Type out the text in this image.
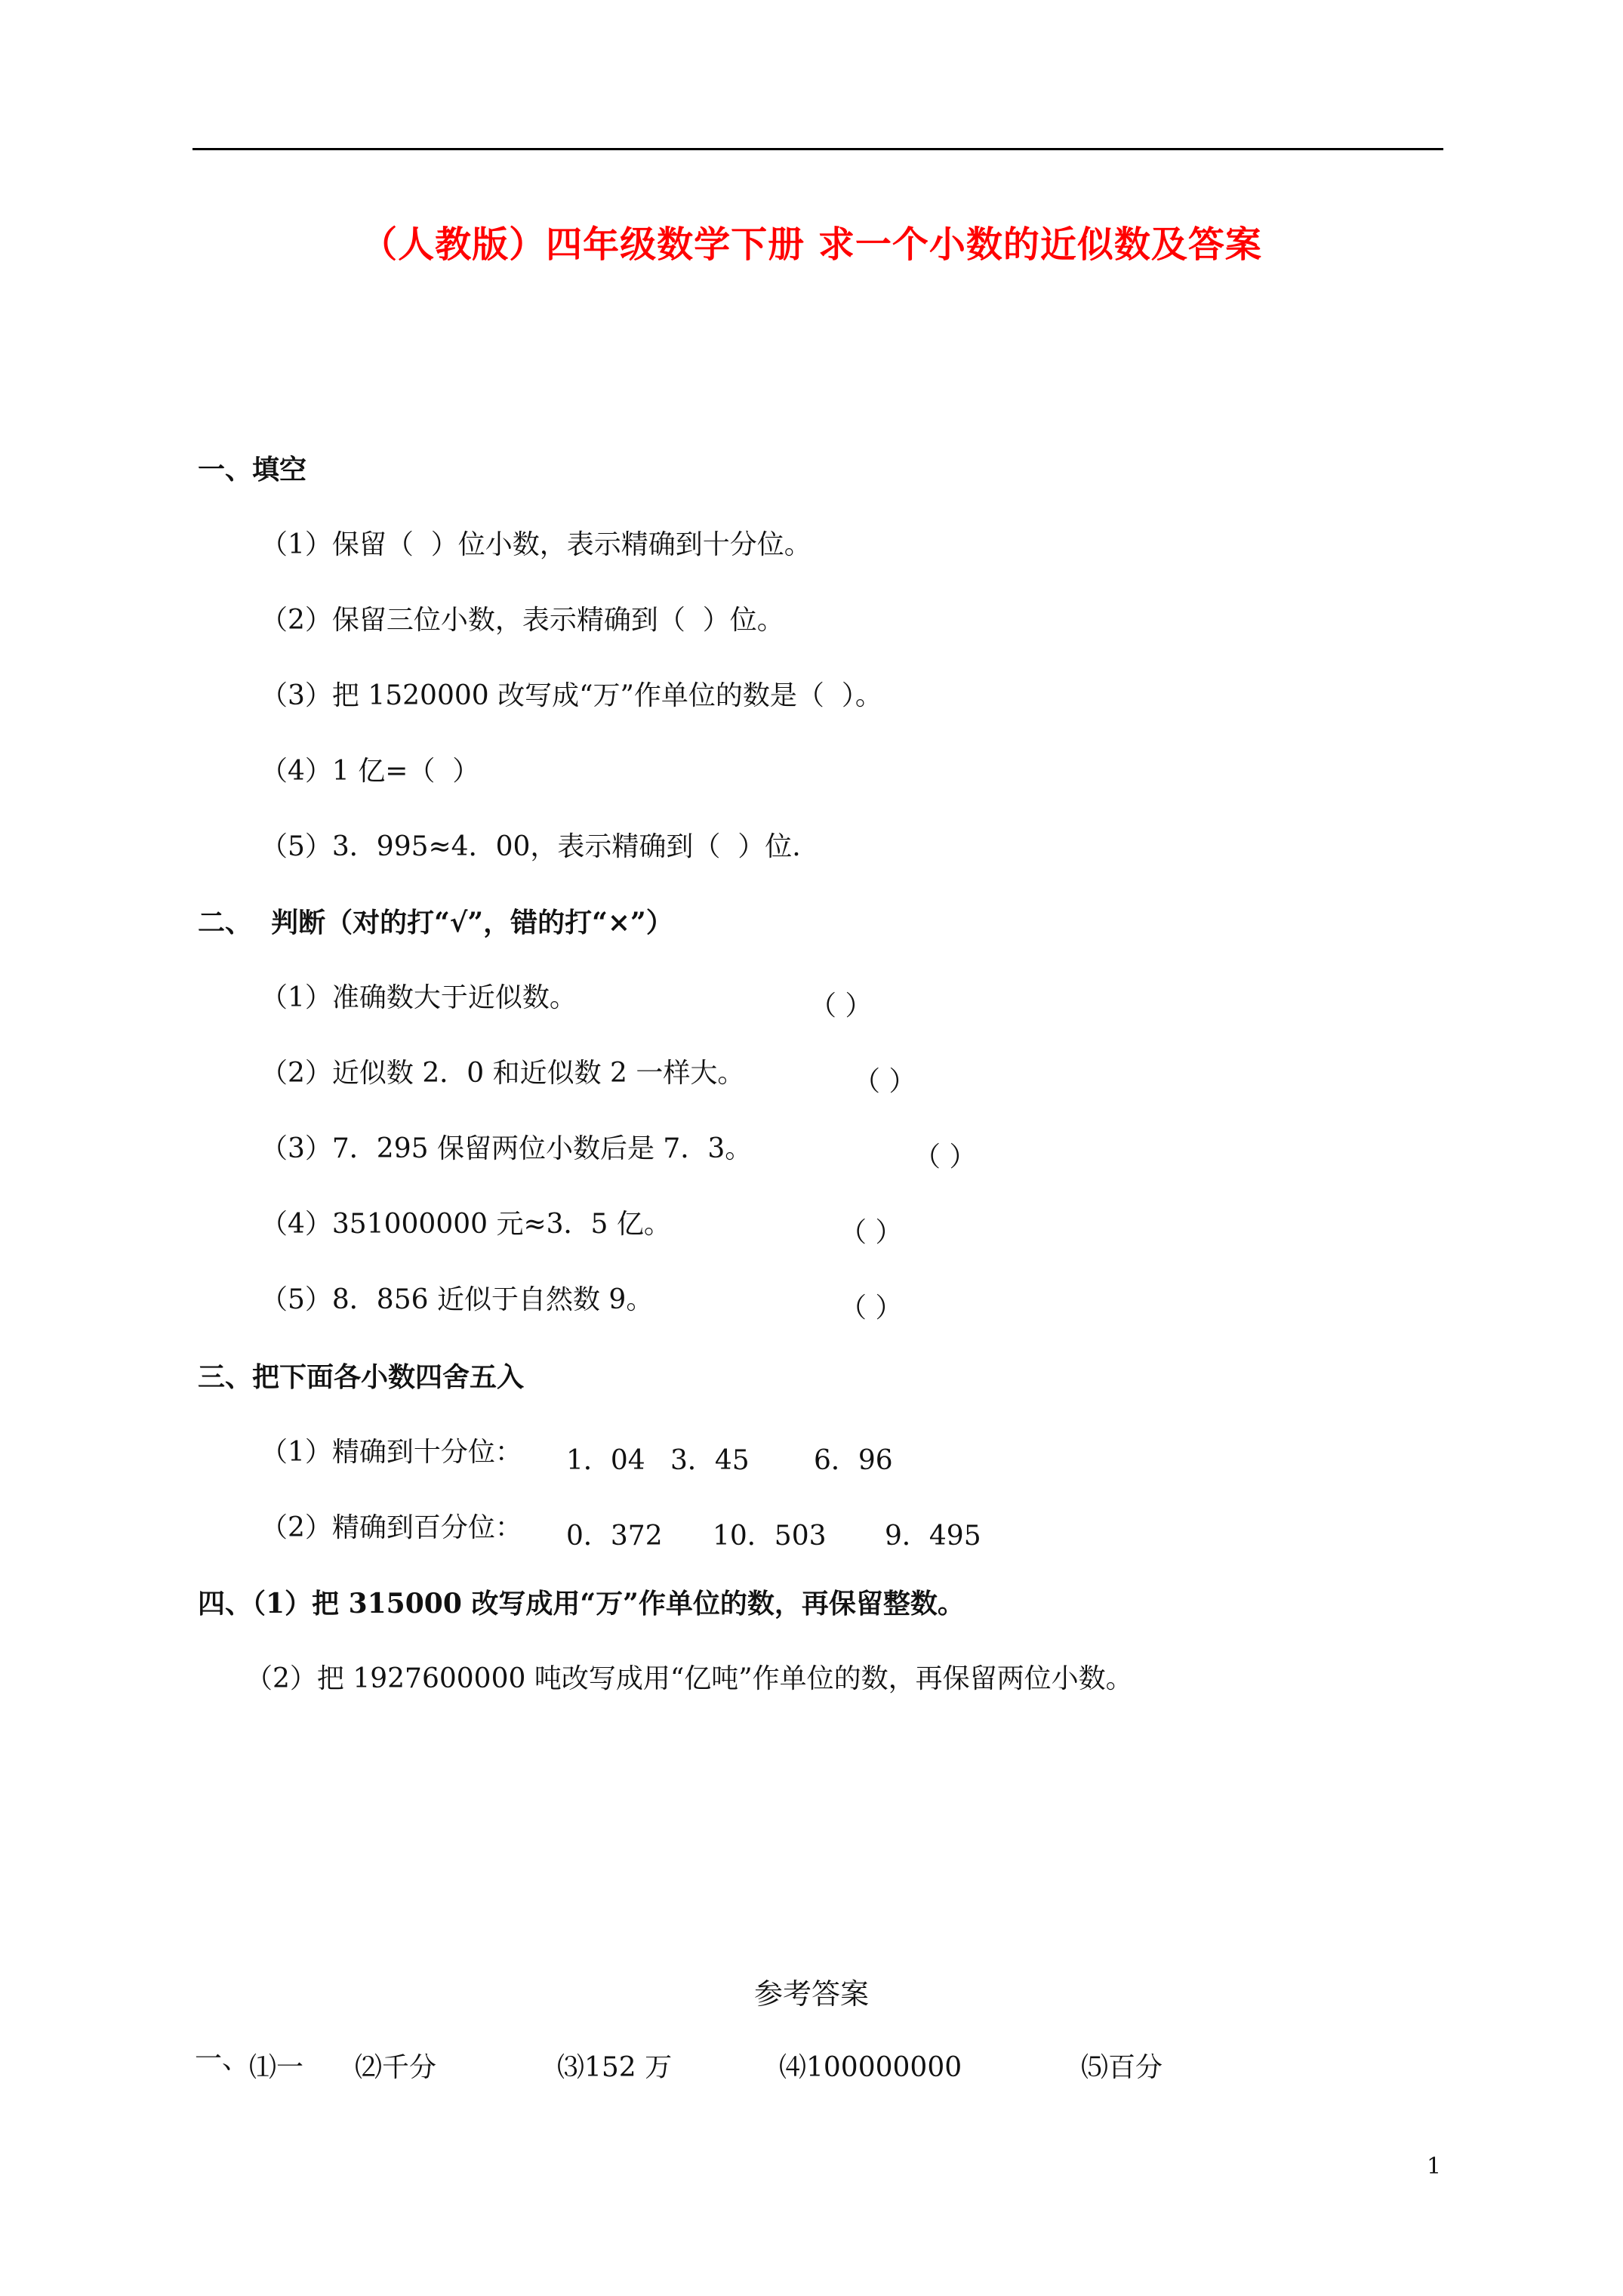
（人教版）四年级数学下册 求一个小数的近似数及答案
一、填空
（1）保留（  ）位小数，表示精确到十分位。
（2）保留三位小数，表示精确到（  ）位。
（3）把 1520000 改写成“万”作单位的数是（  ）。
（4）1 亿=（  ）
（5）3．995≈4．00，表示精确到（  ）位.
二、  判断（对的打“√”，错的打“×”）
（1）准确数大于近似数。	（ ）
（2）近似数 2．0 和近似数 2 一样大。	（ ）
（3）7．295 保留两位小数后是 7．3。	（ ）
（4）351000000 元≈3．5 亿。	（ ）
（5）8．856 近似于自然数 9。	（ ）
三、把下面各小数四舍五入
（1）精确到十分位： 1．04 3．45 6．96
（2）精确到百分位： 0．372 10．503 9．495
四、（1）把 315000 改写成用“万”作单位的数，再保留整数。
（2）把 1927600000 吨改写成用“亿吨”作单位的数，再保留两位小数。
参考答案
一、 ⑴一 ⑵千分	⑶152 万	⑷100000000	⑸百分
1
